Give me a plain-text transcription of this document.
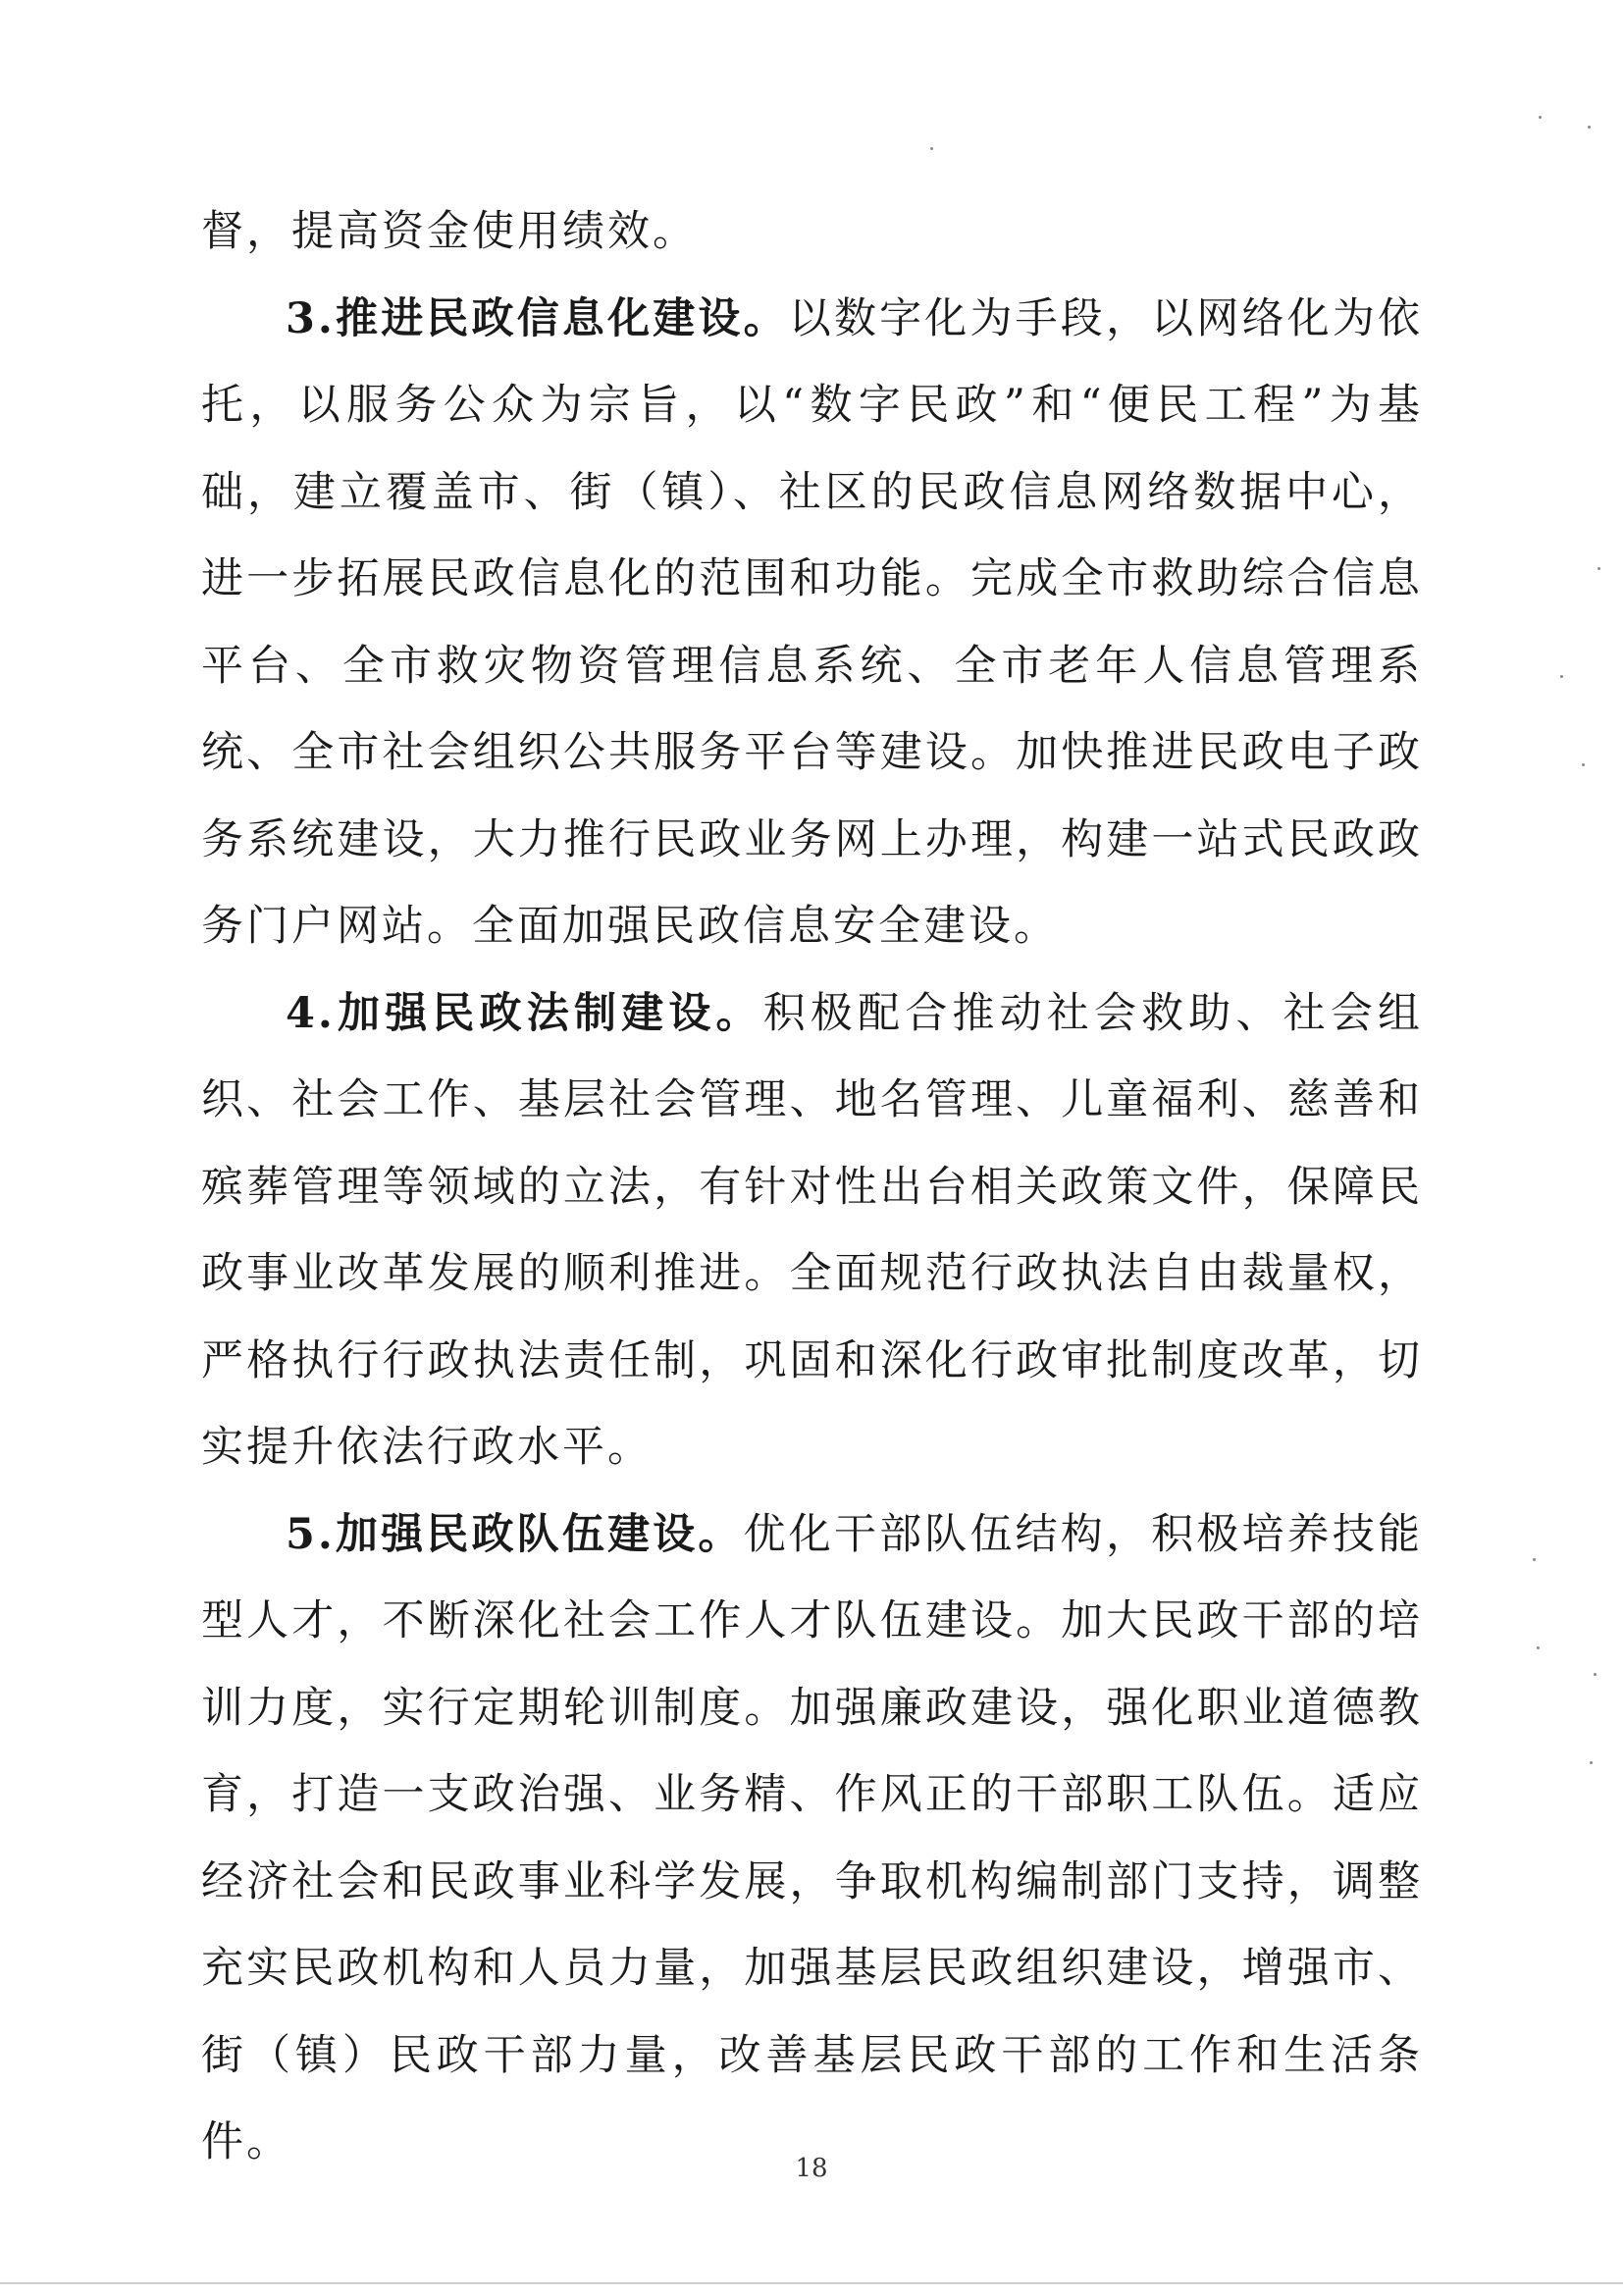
督，提高资金使用绩效。

3.推进民政信息化建设。以数字化为手段，以网络化为依托，以服务公众为宗旨，以“数字民政”和“便民工程”为基础，建立覆盖市、街（镇）、社区的民政信息网络数据中心，进一步拓展民政信息化的范围和功能。完成全市救助综合信息平台、全市救灾物资管理信息系统、全市老年人信息管理系统、全市社会组织公共服务平台等建设。加快推进民政电子政务系统建设，大力推行民政业务网上办理，构建一站式民政政务门户网站。全面加强民政信息安全建设。

4.加强民政法制建设。积极配合推动社会救助、社会组织、社会工作、基层社会管理、地名管理、儿童福利、慈善和殡葬管理等领域的立法，有针对性出台相关政策文件，保障民政事业改革发展的顺利推进。全面规范行政执法自由裁量权，严格执行行政执法责任制，巩固和深化行政审批制度改革，切实提升依法行政水平。

5.加强民政队伍建设。优化干部队伍结构，积极培养技能型人才，不断深化社会工作人才队伍建设。加大民政干部的培训力度，实行定期轮训制度。加强廉政建设，强化职业道德教育，打造一支政治强、业务精、作风正的干部职工队伍。适应经济社会和民政事业科学发展，争取机构编制部门支持，调整充实民政机构和人员力量，加强基层民政组织建设，增强市、街（镇）民政干部力量，改善基层民政干部的工作和生活条件。

18
